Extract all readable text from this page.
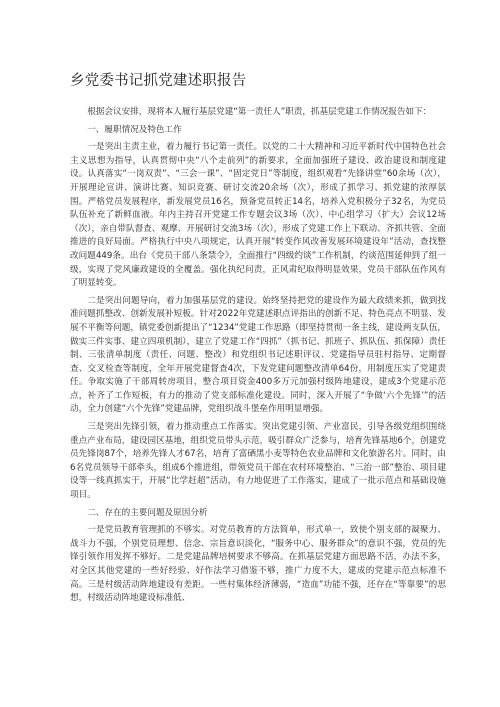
乡党委书记抓党建述职报告

根据会议安排，现将本人履行基层党建“第一责任人”职责，抓基层党建工作情况报告如下：

一、履职情况及特色工作

一是突出主责主业，着力履行书记第一责任。以党的二十大精神和习近平新时代中国特色社会主义思想为指导，认真贯彻中央“八个走前列”的新要求，全面加强班子建设、政治建设和制度建设。认真落实“一岗双责”、“三会一课”、“固定党日”等制度，组织观看“先锋讲堂”60余场（次），开展理论宣讲、演讲比赛、知识竞赛、研讨交流20余场（次），形成了抓学习、抓党建的浓厚氛围。严格党员发展程序，新发展党员16名，预备党员转正14名，培养入党积极分子32名，为党员队伍补充了新鲜血液。年内主持召开党建工作专题会议3场（次）、中心组学习（扩大）会议12场（次），亲自带队督查、观摩、开展研讨交流3场（次），形成了党建工作上下联动、齐抓共管、全面推进的良好局面。严格执行中央八项规定，认真开展“转变作风改善发展环境建设年”活动，查找整改问题449条。出台《党员干部八条禁令》，全面推行“四级约谈”工作机制，约谈范围延伸到了组一级，实现了党风廉政建设的全覆盖。强化执纪问责，正风肃纪取得明显效果，党员干部队伍作风有了明显转变。

二是突出问题导向，着力加强基层党的建设。始终坚持把党的建设作为最大政绩来抓，做到找准问题抓整改、创新发展补短板。针对2022年党建述职点评指出的创新不足、特色亮点不明显、发展不平衡等问题，镇党委创新提出了“1234”党建工作思路（即坚持贯彻一条主线，建设两支队伍，做实三件实事、建立四项机制），建立了党建工作“四抓”（抓书记、抓班子、抓队伍、抓保障）责任制、三张清单制度（责任、问题、整改）和党组织书记述职评议、党建指导员驻村指导、定期督查、交叉检查等制度，全年开展党建督查4次，下发党建问题整改清单64份，用制度压实了党建责任。争取实施了干部周转房项目，整合项目资金400多万元加强村级阵地建设，建成3个党建示范点，补齐了工作短板，有力的推动了党支部标准化建设。同时，深入开展了“争做‘六个先锋’”的活动，全力创建“六个先锋”党建品牌，党组织战斗堡垒作用明显增强。

三是突出先锋引领，着力推动重点工作落实。突出党建引领、产业富民，引导各级党组织围绕重点产业布局，建设园区基地，组织党员带头示范，吸引群众广泛参与，培育先锋基地6个，创建党员先锋岗87个，培养先锋人才67名，培育了富硒黑小麦等特色农业品牌和文化旅游名片。同时，由6名党员领导干部牵头，组成6个推进组，带领党员干部在农村环境整治、“三治一部”整治、项目建设等一线真抓实干，开展“比学赶超”活动，有力地促进了工作落实，建成了一批示范点和基础设施项目。

二、存在的主要问题及原因分析

一是党员教育管理抓的不够实。对党员教育的方法简单，形式单一，致使个别支部的凝聚力、战斗力不强，个别党员理想、信念、宗旨意识淡化，“服务中心、服务群众”的意识不强，党员的先锋引领作用发挥不够好。二是党建品牌培树要求不够高。在抓基层党建方面思路不活，办法不多，对全区其他党建的一些好经验、好作法学习借鉴不够，推广力度不大，建成的党建示范点标准不高。三是村级活动阵地建设有差距。一些村集体经济薄弱，“造血”功能不强，还存在“等靠要”的思想，村级活动阵地建设标准低、
